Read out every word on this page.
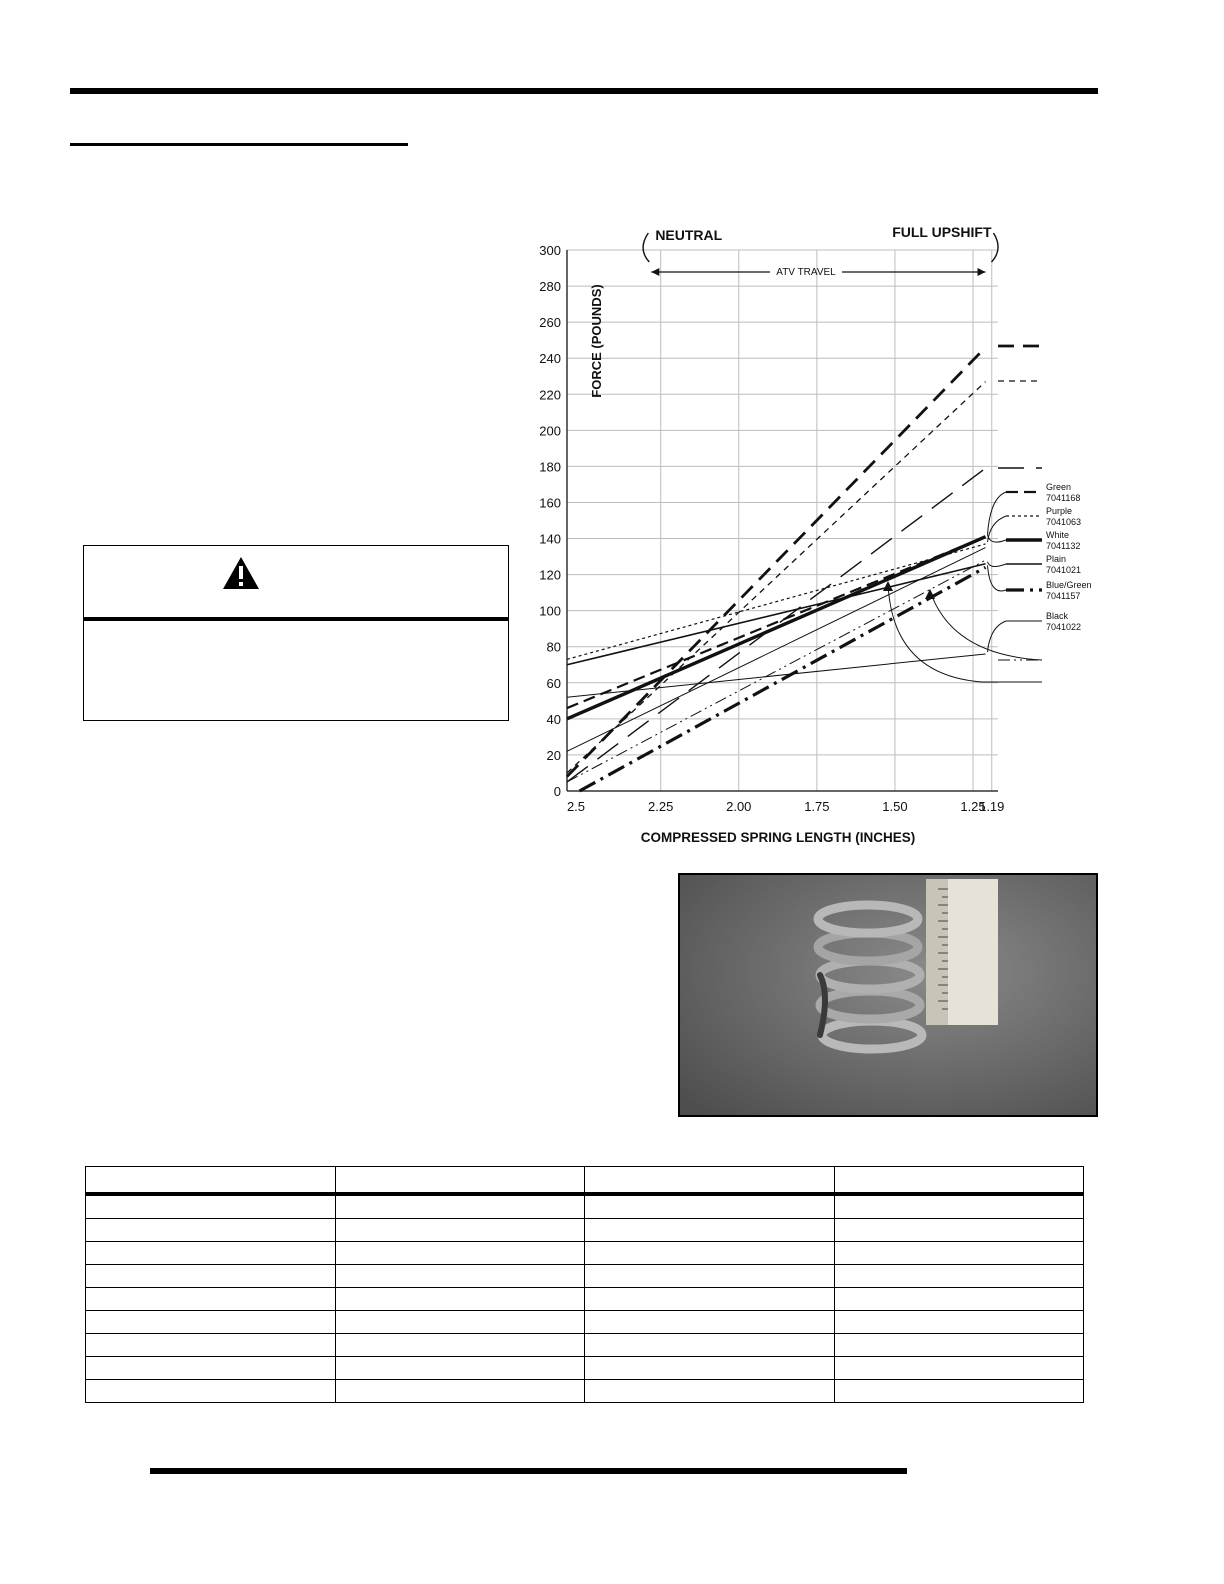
0
20
40
60
80
100
120
140
160
180
200
220
240
260
280
300
2.5	2.25	2.00	1.75	1.50	1.25
1.19
COMPRESSED SPRING LENGTH (INCHES)
FORCE (POUNDS)
NEUTRAL	FULL UPSHIFT
ATV TRAVEL
Green
7041168
Purple
7041063
White
7041132
Plain
7041021
Blue/Green
7041157
Black
7041022
